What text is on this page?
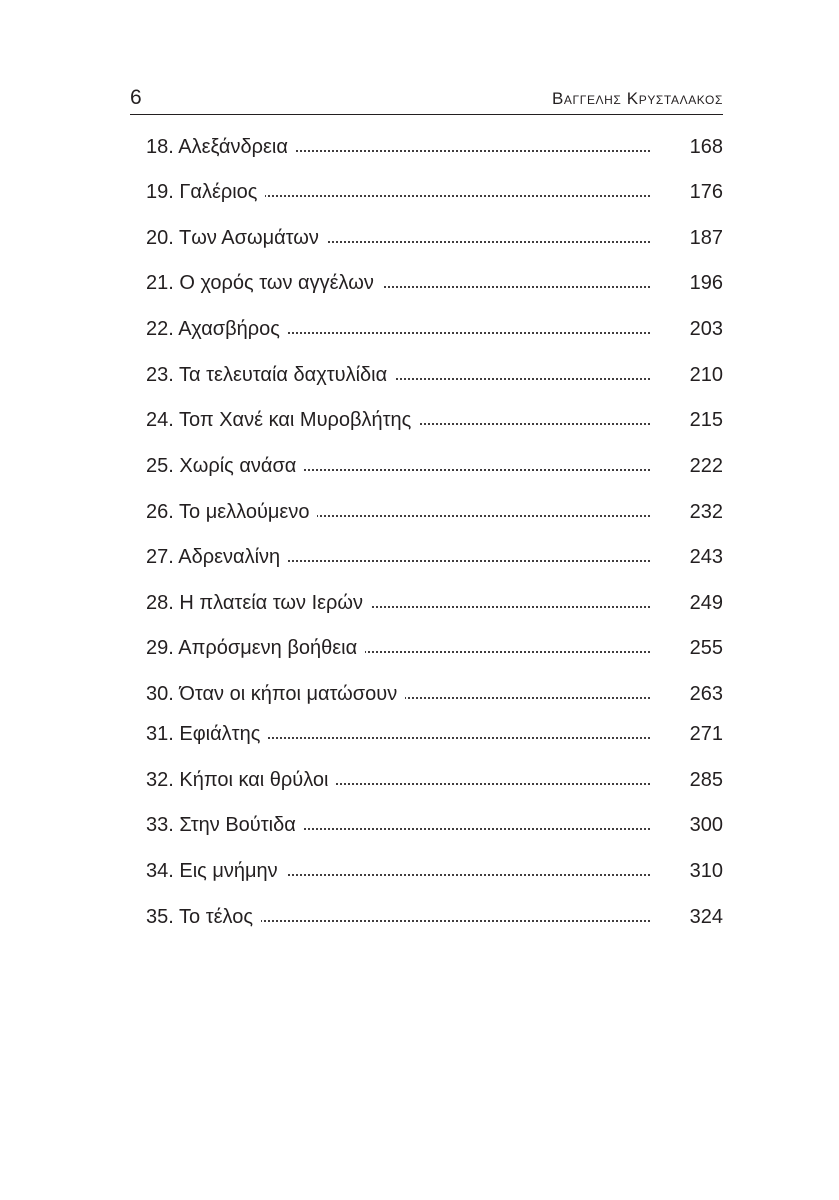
6	Βαγγελης Κρυσταλακος
18. Αλεξάνδρεια	168
19. Γαλέριος	176
20. Των Ασωμάτων	187
21. Ο χορός των αγγέλων	196
22. Αχασβήρος	203
23. Τα τελευταία δαχτυλίδια	210
24. Τοπ Χανέ και Μυροβλήτης	215
25. Χωρίς ανάσα	222
26. Το μελλούμενο	232
27. Αδρεναλίνη	243
28. Η πλατεία των Ιερών	249
29. Απρόσμενη βοήθεια	255
30. Όταν οι κήποι ματώσουν	263
31. Εφιάλτης	271
32. Κήποι και θρύλοι	285
33. Στην Βούτιδα	300
34. Εις μνήμην	310
35. Το τέλος	324
